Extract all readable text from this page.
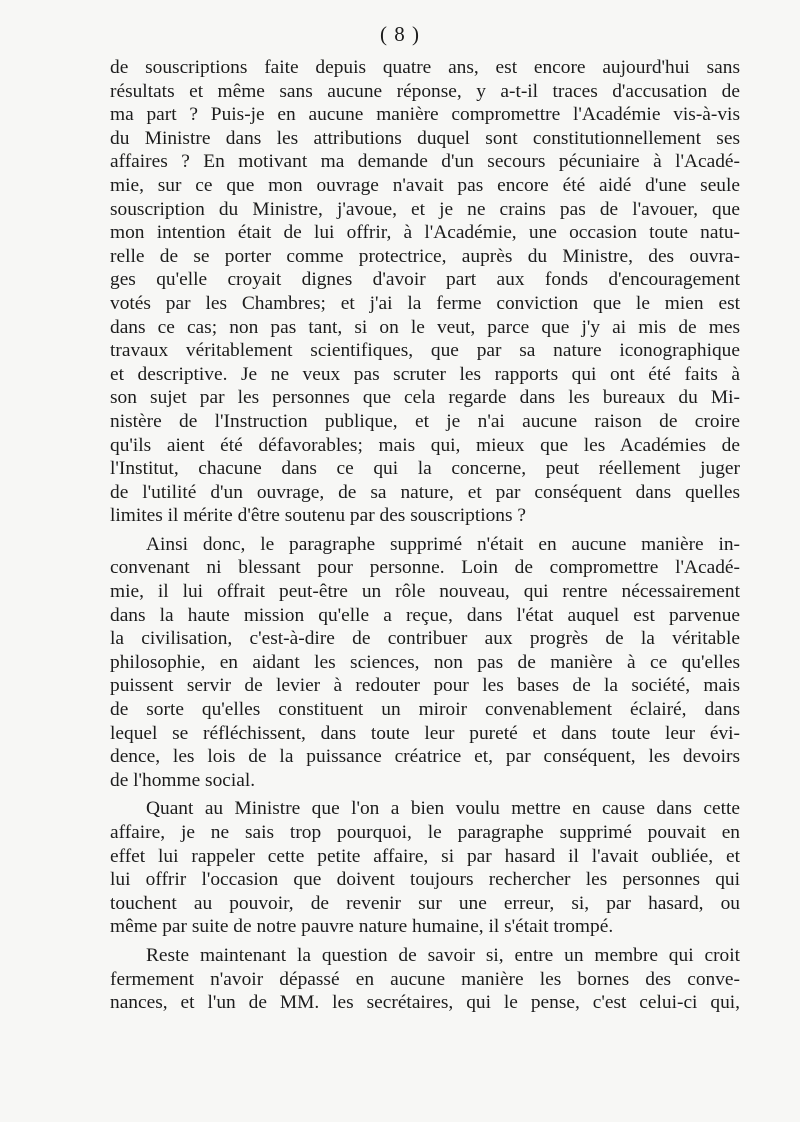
( 8 )
de souscriptions faite depuis quatre ans, est encore aujourd'hui sans
résultats et même sans aucune réponse, y a-t-il traces d'accusation de
ma part ? Puis-je en aucune manière compromettre l'Académie vis-à-vis
du Ministre dans les attributions duquel sont constitutionnellement ses
affaires ? En motivant ma demande d'un secours pécuniaire à l'Acadé-
mie, sur ce que mon ouvrage n'avait pas encore été aidé d'une seule
souscription du Ministre, j'avoue, et je ne crains pas de l'avouer, que
mon intention était de lui offrir, à l'Académie, une occasion toute natu-
relle de se porter comme protectrice, auprès du Ministre, des ouvra-
ges qu'elle croyait dignes d'avoir part aux fonds d'encouragement
votés par les Chambres; et j'ai la ferme conviction que le mien est
dans ce cas; non pas tant, si on le veut, parce que j'y ai mis de mes
travaux véritablement scientifiques, que par sa nature iconographique
et descriptive. Je ne veux pas scruter les rapports qui ont été faits à
son sujet par les personnes que cela regarde dans les bureaux du Mi-
nistère de l'Instruction publique, et je n'ai aucune raison de croire
qu'ils aient été défavorables; mais qui, mieux que les Académies de
l'Institut, chacune dans ce qui la concerne, peut réellement juger
de l'utilité d'un ouvrage, de sa nature, et par conséquent dans quelles
limites il mérite d'être soutenu par des souscriptions ?
Ainsi donc, le paragraphe supprimé n'était en aucune manière in-
convenant ni blessant pour personne. Loin de compromettre l'Acadé-
mie, il lui offrait peut-être un rôle nouveau, qui rentre nécessairement
dans la haute mission qu'elle a reçue, dans l'état auquel est parvenue
la civilisation, c'est-à-dire de contribuer aux progrès de la véritable
philosophie, en aidant les sciences, non pas de manière à ce qu'elles
puissent servir de levier à redouter pour les bases de la société, mais
de sorte qu'elles constituent un miroir convenablement éclairé, dans
lequel se réfléchissent, dans toute leur pureté et dans toute leur évi-
dence, les lois de la puissance créatrice et, par conséquent, les devoirs
de l'homme social.
Quant au Ministre que l'on a bien voulu mettre en cause dans cette
affaire, je ne sais trop pourquoi, le paragraphe supprimé pouvait en
effet lui rappeler cette petite affaire, si par hasard il l'avait oubliée, et
lui offrir l'occasion que doivent toujours rechercher les personnes qui
touchent au pouvoir, de revenir sur une erreur, si, par hasard, ou
même par suite de notre pauvre nature humaine, il s'était trompé.
Reste maintenant la question de savoir si, entre un membre qui croit
fermement n'avoir dépassé en aucune manière les bornes des conve-
nances, et l'un de MM. les secrétaires, qui le pense, c'est celui-ci qui,
